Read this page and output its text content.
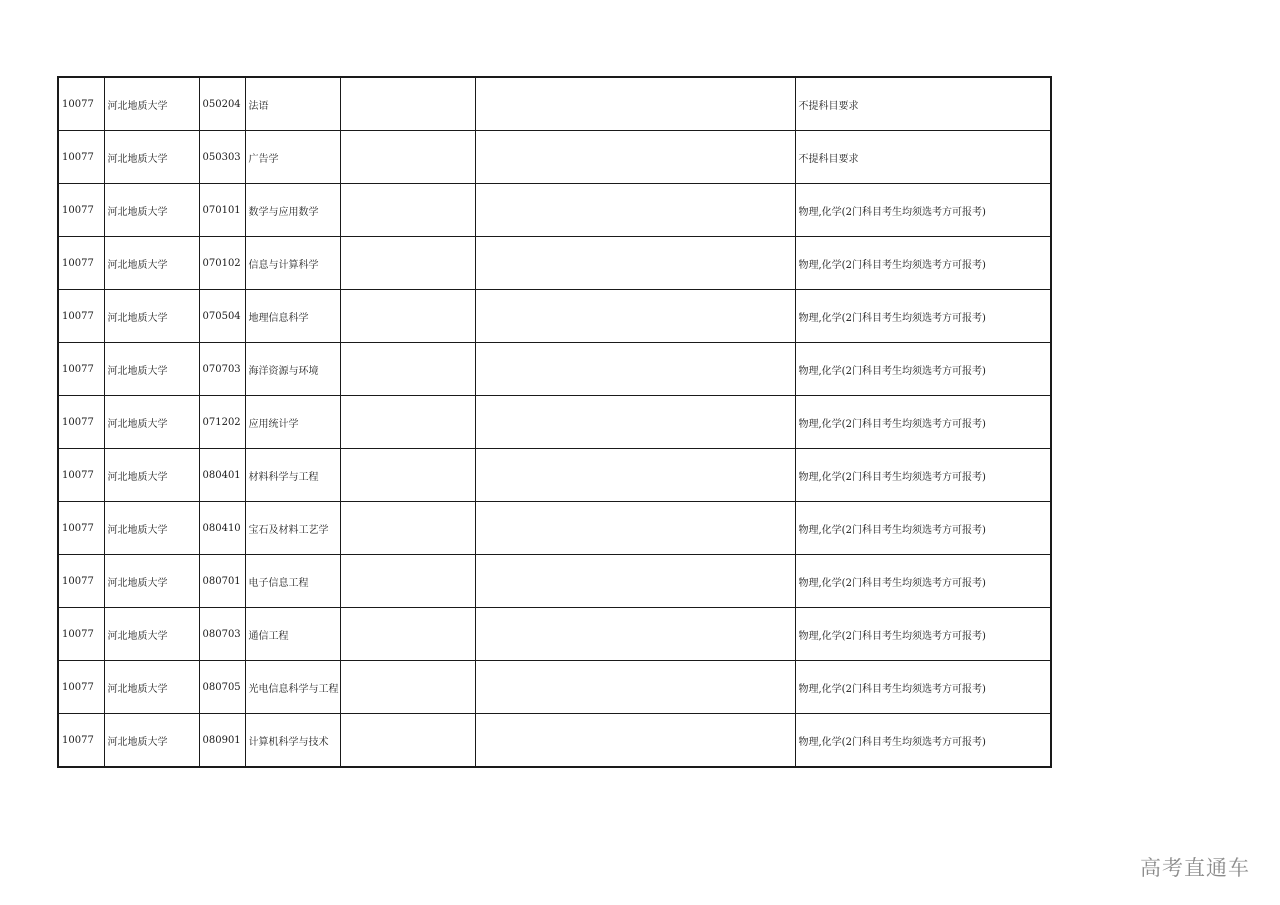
10077	河北地质大学	050204	法语			不提科目要求
10077	河北地质大学	050303	广告学			不提科目要求
10077	河北地质大学	070101	数学与应用数学			物理,化学(2门科目考生均须选考方可报考)
10077	河北地质大学	070102	信息与计算科学			物理,化学(2门科目考生均须选考方可报考)
10077	河北地质大学	070504	地理信息科学			物理,化学(2门科目考生均须选考方可报考)
10077	河北地质大学	070703	海洋资源与环境			物理,化学(2门科目考生均须选考方可报考)
10077	河北地质大学	071202	应用统计学			物理,化学(2门科目考生均须选考方可报考)
10077	河北地质大学	080401	材料科学与工程			物理,化学(2门科目考生均须选考方可报考)
10077	河北地质大学	080410	宝石及材料工艺学			物理,化学(2门科目考生均须选考方可报考)
10077	河北地质大学	080701	电子信息工程			物理,化学(2门科目考生均须选考方可报考)
10077	河北地质大学	080703	通信工程			物理,化学(2门科目考生均须选考方可报考)
10077	河北地质大学	080705	光电信息科学与工程			物理,化学(2门科目考生均须选考方可报考)
10077	河北地质大学	080901	计算机科学与技术			物理,化学(2门科目考生均须选考方可报考)
高考直通车
